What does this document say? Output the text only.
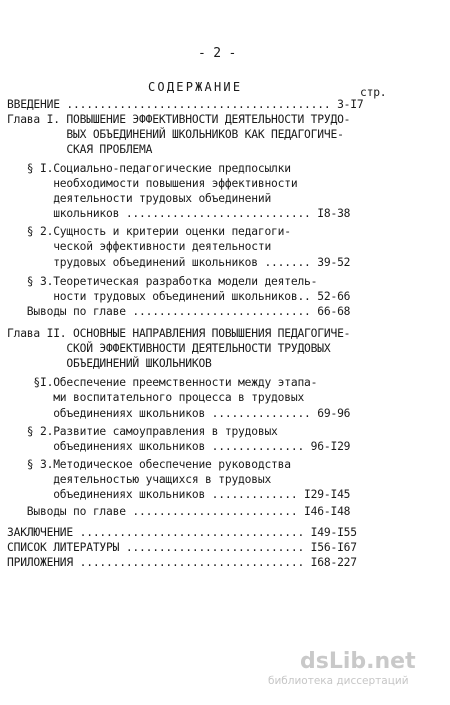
- 2 -
СОДЕРЖАНИЕ	стр.
ВВЕДЕНИЕ ........................................ 3-I7
Глава I. ПОВЫШЕНИЕ ЭФФЕКТИВНОСТИ ДЕЯТЕЛЬНОСТИ ТРУДО-
ВЫХ ОБЪЕДИНЕНИЙ ШКОЛЬНИКОВ КАК ПЕДАГОГИЧЕ-
СКАЯ ПРОБЛЕМА
§ I.Социально-педагогические предпосылки
необходимости повышения эффективности
деятельности трудовых объединений
школьников ............................ I8-38
§ 2.Сущность и критерии оценки педагоги-
ческой эффективности деятельности
трудовых объединений школьников ....... 39-52
§ 3.Теоретическая разработка модели деятель-
ности трудовых объединений школьников.. 52-66
Выводы по главе ........................... 66-68
Глава II. ОСНОВНЫЕ НАПРАВЛЕНИЯ ПОВЫШЕНИЯ ПЕДАГОГИЧЕ-
СКОЙ ЭФФЕКТИВНОСТИ ДЕЯТЕЛЬНОСТИ ТРУДОВЫХ
ОБЪЕДИНЕНИЙ ШКОЛЬНИКОВ
§I.Обеспечение преемственности между этапа-
ми воспитательного процесса в трудовых
объединениях школьников ............... 69-96
§ 2.Развитие самоуправления в трудовых
объединениях школьников .............. 96-I29
§ 3.Методическое обеспечение руководства
деятельностью учащихся в трудовых
объединениях школьников ............. I29-I45
Выводы по главе ......................... I46-I48
ЗАКЛЮЧЕНИЕ .................................. I49-I55
СПИСОК ЛИТЕРАТУРЫ ........................... I56-I67
ПРИЛОЖЕНИЯ .................................. I68-227
dsLib.net
библиотека диссертаций
